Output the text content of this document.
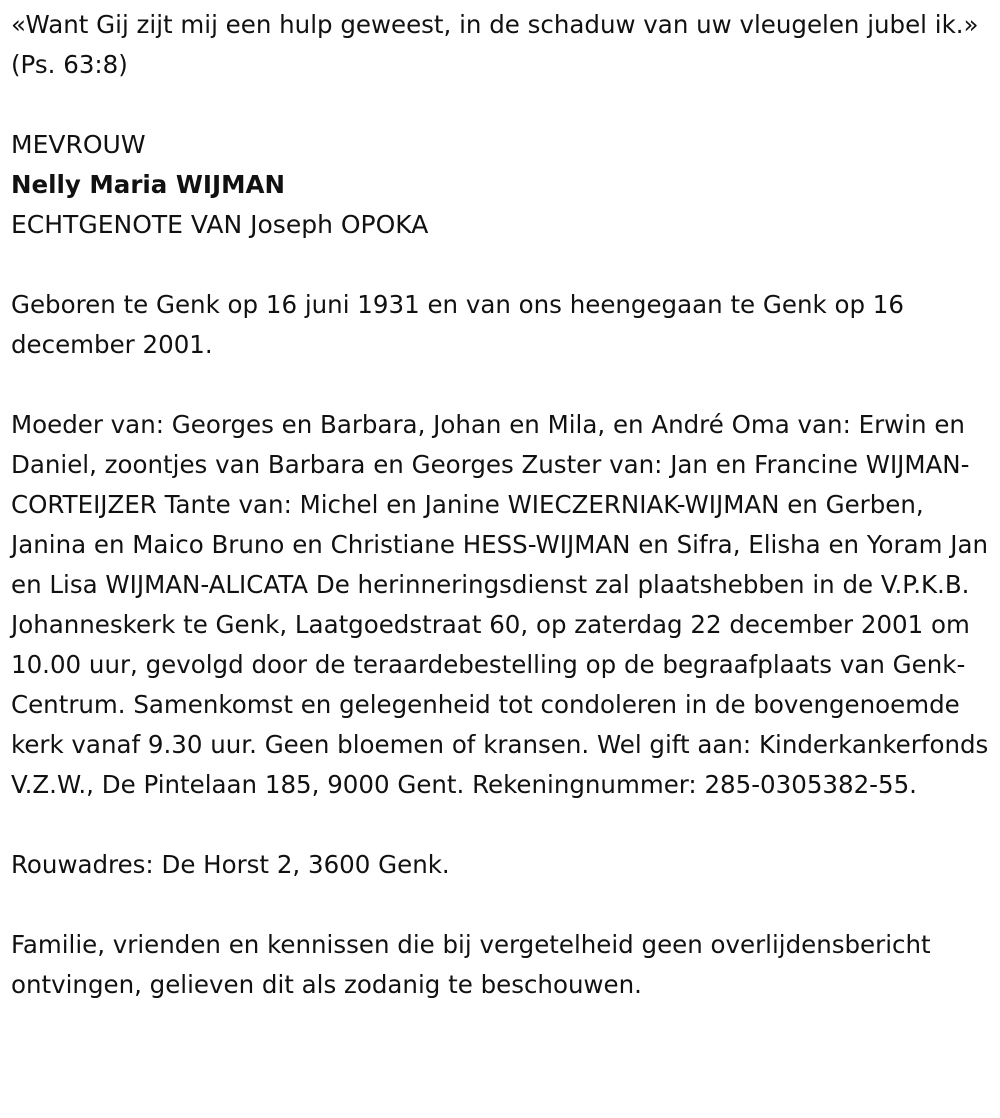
«Want Gij zijt mij een hulp geweest, in de schaduw van uw vleugelen jubel ik.» (Ps. 63:8)

MEVROUW

Nelly Maria WIJMAN

ECHTGENOTE VAN Joseph OPOKA

Geboren te Genk op 16 juni 1931 en van ons heengegaan te Genk op 16 december 2001.

Moeder van: Georges en Barbara, Johan en Mila, en André Oma van: Erwin en Daniel, zoontjes van Barbara en Georges Zuster van: Jan en Francine WIJMAN-CORTEIJZER Tante van: Michel en Janine WIECZERNIAK-WIJMAN en Gerben, Janina en Maico Bruno en Christiane HESS-WIJMAN en Sifra, Elisha en Yoram Jan en Lisa WIJMAN-ALICATA De herinneringsdienst zal plaatshebben in de V.P.K.B. Johanneskerk te Genk, Laatgoedstraat 60, op zaterdag 22 december 2001 om 10.00 uur, gevolgd door de teraardebestelling op de begraafplaats van Genk-Centrum. Samenkomst en gelegenheid tot condoleren in de bovengenoemde kerk vanaf 9.30 uur. Geen bloemen of kransen. Wel gift aan: Kinderkankerfonds V.Z.W., De Pintelaan 185, 9000 Gent. Rekeningnummer: 285-0305382-55.

Rouwadres: De Horst 2, 3600 Genk.

Familie, vrienden en kennissen die bij vergetelheid geen overlijdensbericht ontvingen, gelieven dit als zodanig te beschouwen.
